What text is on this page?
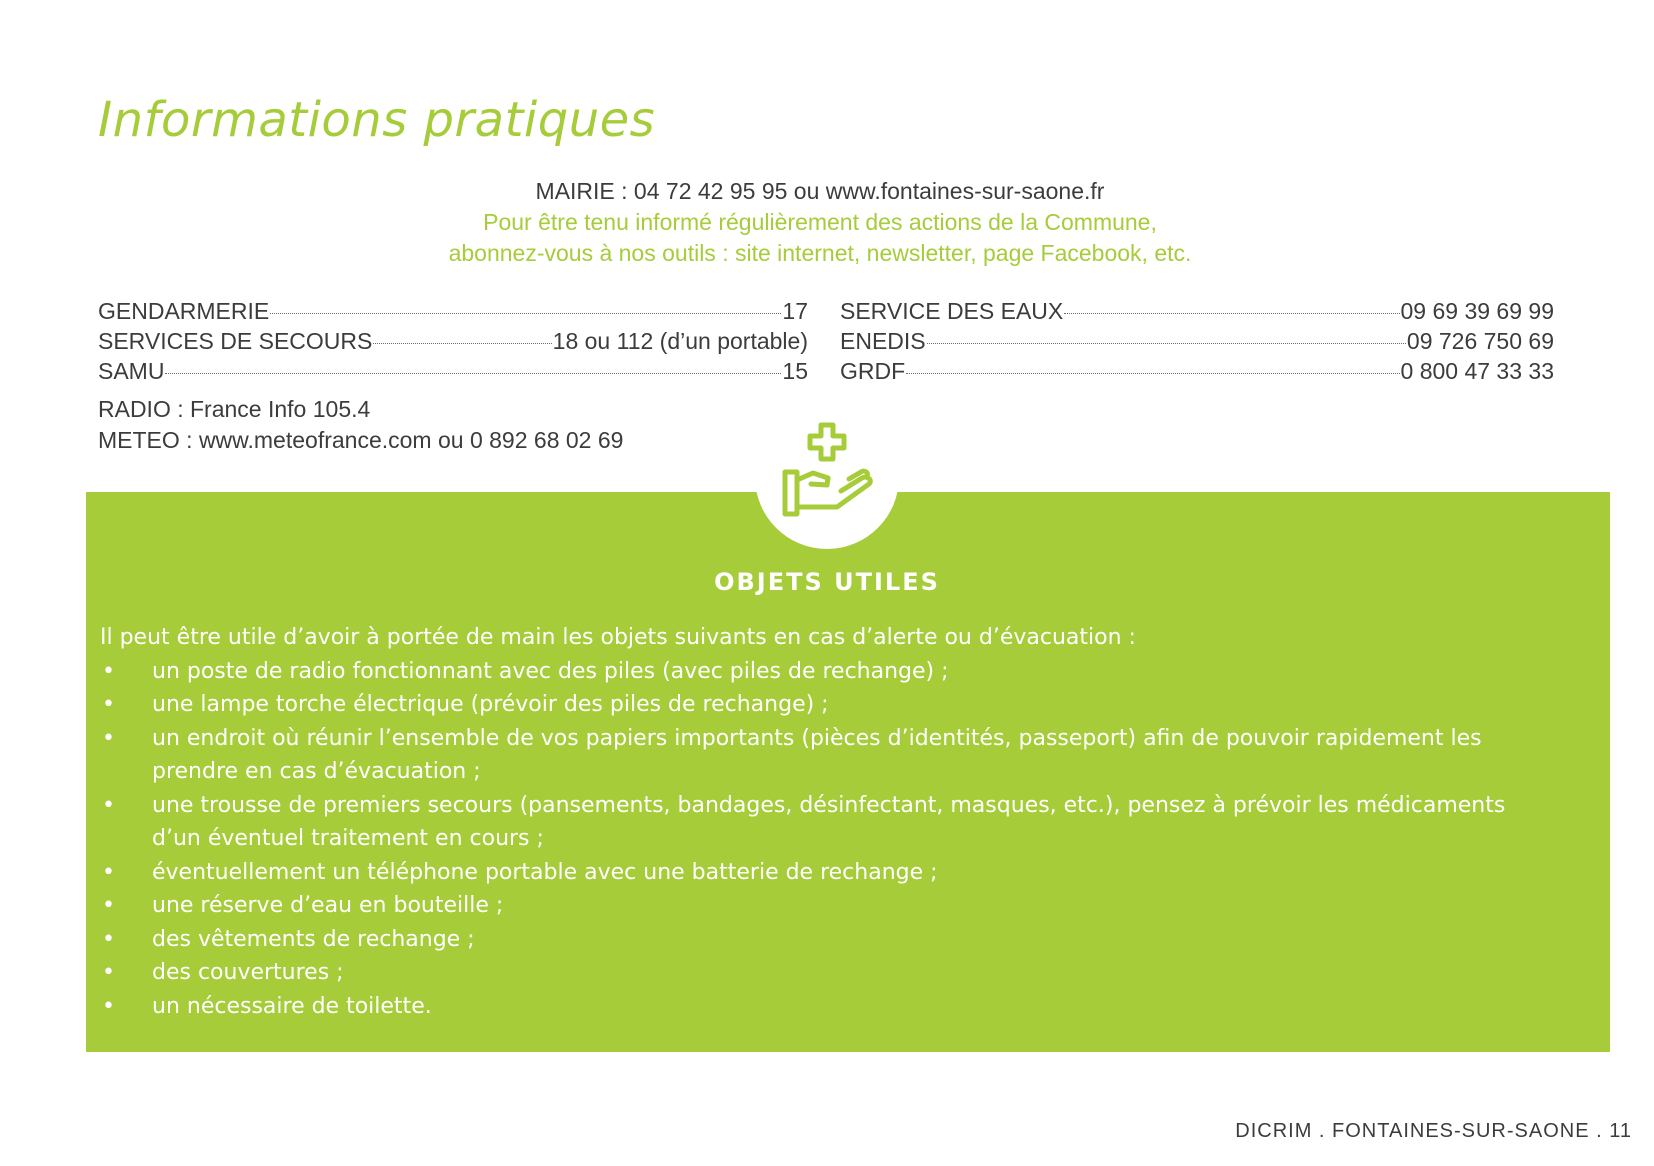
Informations pratiques
MAIRIE : 04 72 42 95 95 ou www.fontaines-sur-saone.fr
Pour être tenu informé régulièrement des actions de la Commune,
abonnez-vous à nos outils : site internet, newsletter, page Facebook, etc.
GENDARMERIE	17
SERVICES DE SECOURS	18 ou 112 (d’un portable)
SAMU	15
SERVICE DES EAUX	09 69 39 69 99
ENEDIS	09 726 750 69
GRDF	0 800 47 33 33
RADIO : France Info 105.4
METEO : www.meteofrance.com ou 0 892 68 02 69
OBJETS UTILES

Il peut être utile d’avoir à portée de main les objets suivants en cas d’alerte ou d’évacuation :

• un poste de radio fonctionnant avec des piles (avec piles de rechange) ;
• une lampe torche électrique (prévoir des piles de rechange) ;
• un endroit où réunir l’ensemble de vos papiers importants (pièces d’identités, passeport) afin de pouvoir rapidement les prendre en cas d’évacuation ;
• une trousse de premiers secours (pansements, bandages, désinfectant, masques, etc.), pensez à prévoir les médicaments d’un éventuel traitement en cours ;
• éventuellement un téléphone portable avec une batterie de rechange ;
• une réserve d’eau en bouteille ;
• des vêtements de rechange ;
• des couvertures ;
• un nécessaire de toilette.
DICRIM . FONTAINES-SUR-SAONE . 11
